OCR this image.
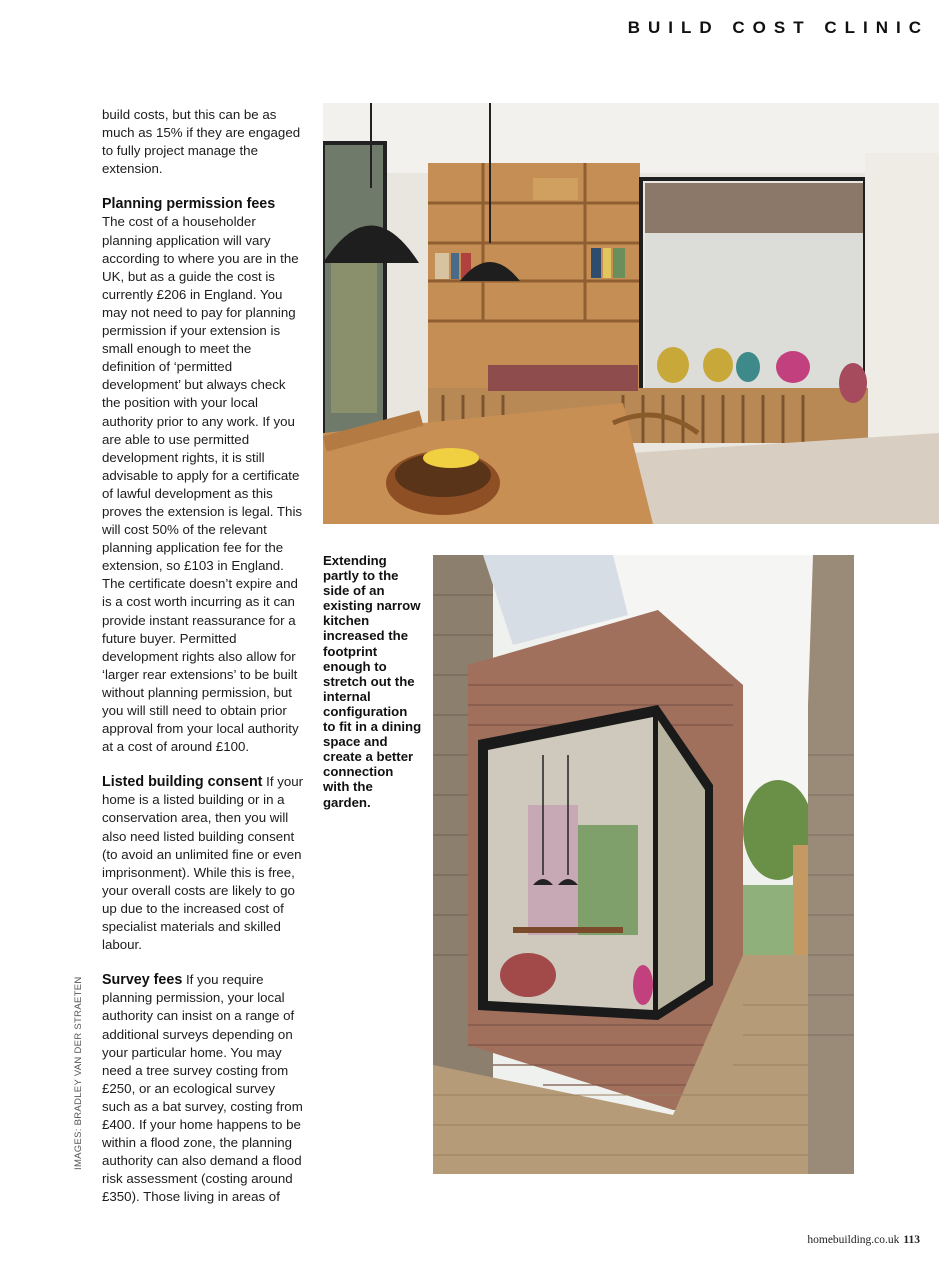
BUILD COST CLINIC

build costs, but this can be as much as 15% if they are engaged to fully project manage the extension.

Planning permission fees
The cost of a householder planning application will vary according to where you are in the UK, but as a guide the cost is currently £206 in England. You may not need to pay for planning permission if your extension is small enough to meet the definition of ‘permitted development’ but always check the position with your local authority prior to any work. If you are able to use permitted development rights, it is still advisable to apply for a certificate of lawful development as this proves the extension is legal. This will cost 50% of the relevant planning application fee for the extension, so £103 in England. The certificate doesn’t expire and is a cost worth incurring as it can provide instant reassurance for a future buyer. Permitted development rights also allow for ‘larger rear extensions’ to be built without planning permission, but you will still need to obtain prior approval from your local authority at a cost of around £100.

Listed building consent If your home is a listed building or in a conservation area, then you will also need listed building consent (to avoid an unlimited fine or even imprisonment). While this is free, your overall costs are likely to go up due to the increased cost of specialist materials and skilled labour.

Survey fees If you require planning permission, your local authority can insist on a range of additional surveys depending on your particular home. You may need a tree survey costing from £250, or an ecological survey such as a bat survey, costing from £400. If your home happens to be within a flood zone, the planning authority can also demand a flood risk assessment (costing around £350). Those living in areas of

IMAGES: BRADLEY VAN DER STRAETEN
Extending partly to the side of an existing narrow kitchen increased the footprint enough to stretch out the internal configuration to fit in a dining space and create a better connection with the garden.
homebuilding.co.uk 113
